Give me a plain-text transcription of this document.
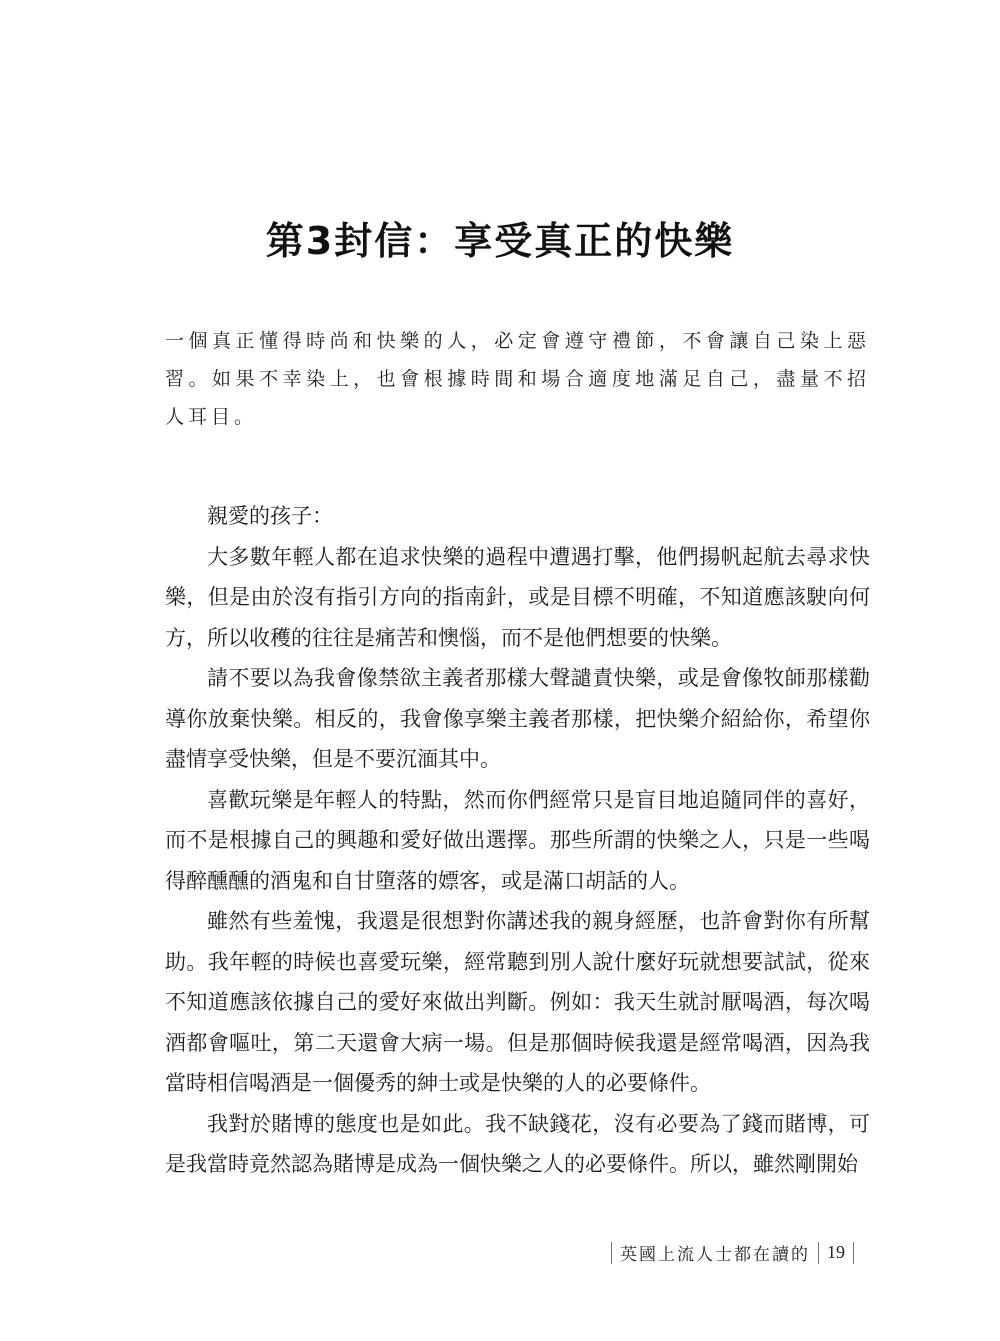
第3封信：享受真正的快樂
一個真正懂得時尚和快樂的人，必定會遵守禮節，不會讓自己染上惡習。如果不幸染上，也會根據時間和場合適度地滿足自己，盡量不招人耳目。

親愛的孩子：

大多數年輕人都在追求快樂的過程中遭遇打擊，他們揚帆起航去尋求快樂，但是由於沒有指引方向的指南針，或是目標不明確，不知道應該駛向何方，所以收穫的往往是痛苦和懊惱，而不是他們想要的快樂。

請不要以為我會像禁欲主義者那樣大聲譴責快樂，或是會像牧師那樣勸導你放棄快樂。相反的，我會像享樂主義者那樣，把快樂介紹給你，希望你盡情享受快樂，但是不要沉湎其中。

喜歡玩樂是年輕人的特點，然而你們經常只是盲目地追隨同伴的喜好，而不是根據自己的興趣和愛好做出選擇。那些所謂的快樂之人，只是一些喝得醉醺醺的酒鬼和自甘墮落的嫖客，或是滿口胡話的人。

雖然有些羞愧，我還是很想對你講述我的親身經歷，也許會對你有所幫助。我年輕的時候也喜愛玩樂，經常聽到別人說什麼好玩就想要試試，從來不知道應該依據自己的愛好來做出判斷。例如：我天生就討厭喝酒，每次喝酒都會嘔吐，第二天還會大病一場。但是那個時候我還是經常喝酒，因為我當時相信喝酒是一個優秀的紳士或是快樂的人的必要條件。

我對於賭博的態度也是如此。我不缺錢花，沒有必要為了錢而賭博，可是我當時竟然認為賭博是成為一個快樂之人的必要條件。所以，雖然剛開始

英國上流人士都在讀的 19
